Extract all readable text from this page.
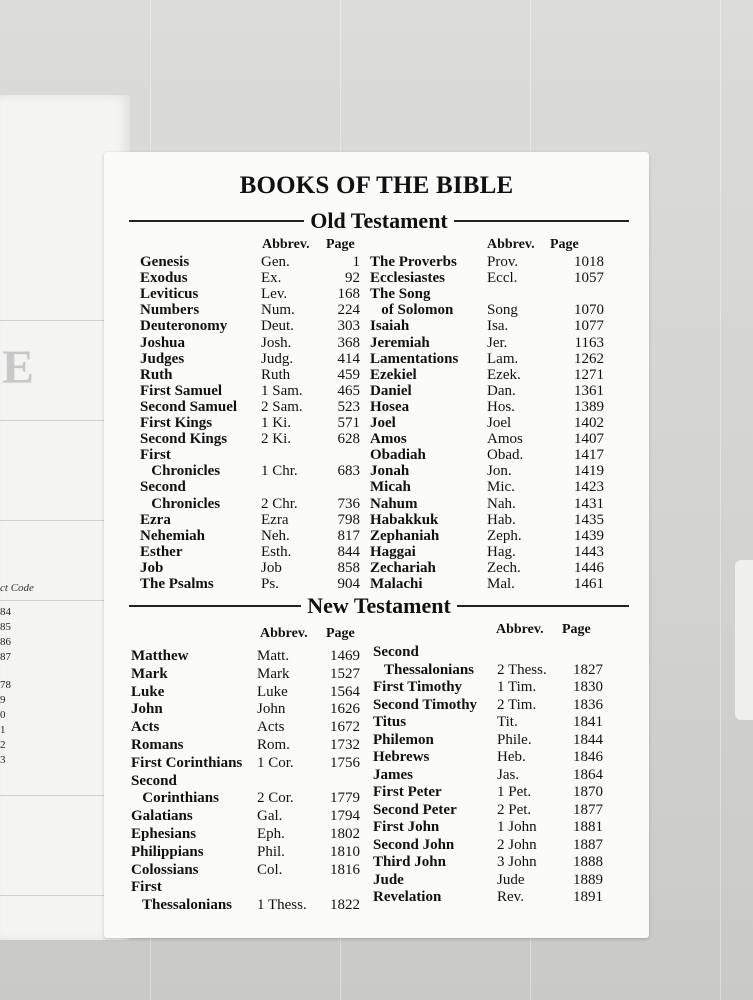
E
ct Code
84
85
86
87
78
9
0
1
2
3
BOOKS OF THE BIBLE
Old Testament
Abbrev. Page	Abbrev. Page
Genesis	Gen.	1
Exodus	Ex.	92
Leviticus	Lev.	168
Numbers	Num.	224
Deuteronomy Deut.	303
Joshua	Josh.	368
Judges	Judg.	414
Ruth	Ruth	459
First Samuel	1 Sam.	465
Second Samuel 2 Sam.	523
First Kings	1 Ki.	571
Second Kings 2 Ki.	628
First
Chronicles	1 Chr.	683
Second
Chronicles	2 Chr.	736
Ezra	Ezra	798
Nehemiah	Neh.	817
Esther	Esth.	844
Job	Job	858
The Psalms	Ps.	904
The Proverbs Prov.	1018
Ecclesiastes	Eccl.	1057
The Song
of Solomon Song	1070
Isaiah	Isa.	1077
Jeremiah	Jer.	1163
Lamentations Lam.	1262
Ezekiel	Ezek.	1271
Daniel	Dan.	1361
Hosea	Hos.	1389
Joel	Joel	1402
Amos	Amos	1407
Obadiah	Obad.	1417
Jonah	Jon.	1419
Micah	Mic.	1423
Nahum	Nah.	1431
Habakkuk	Hab.	1435
Zephaniah	Zeph.	1439
Haggai	Hag.	1443
Zechariah	Zech.	1446
Malachi	Mal.	1461
New Testament
Abbrev. Page	Abbrev. Page
Matthew	Matt.	1469
Mark	Mark	1527
Luke	Luke	1564
John	John	1626
Acts	Acts	1672
Romans	Rom.	1732
First Corinthians 1 Cor.	1756
Second
Corinthians	2 Cor.	1779
Galatians	Gal.	1794
Ephesians	Eph.	1802
Philippians	Phil.	1810
Colossians	Col.	1816
First
Thessalonians 1 Thess.	1822
Second
Thessalonians 2 Thess.	1827
First Timothy 1 Tim.	1830
Second Timothy 2 Tim.	1836
Titus	Tit.	1841
Philemon	Phile.	1844
Hebrews	Heb.	1846
James	Jas.	1864
First Peter	1 Pet.	1870
Second Peter	2 Pet.	1877
First John	1 John	1881
Second John	2 John	1887
Third John	3 John	1888
Jude	Jude	1889
Revelation	Rev.	1891
